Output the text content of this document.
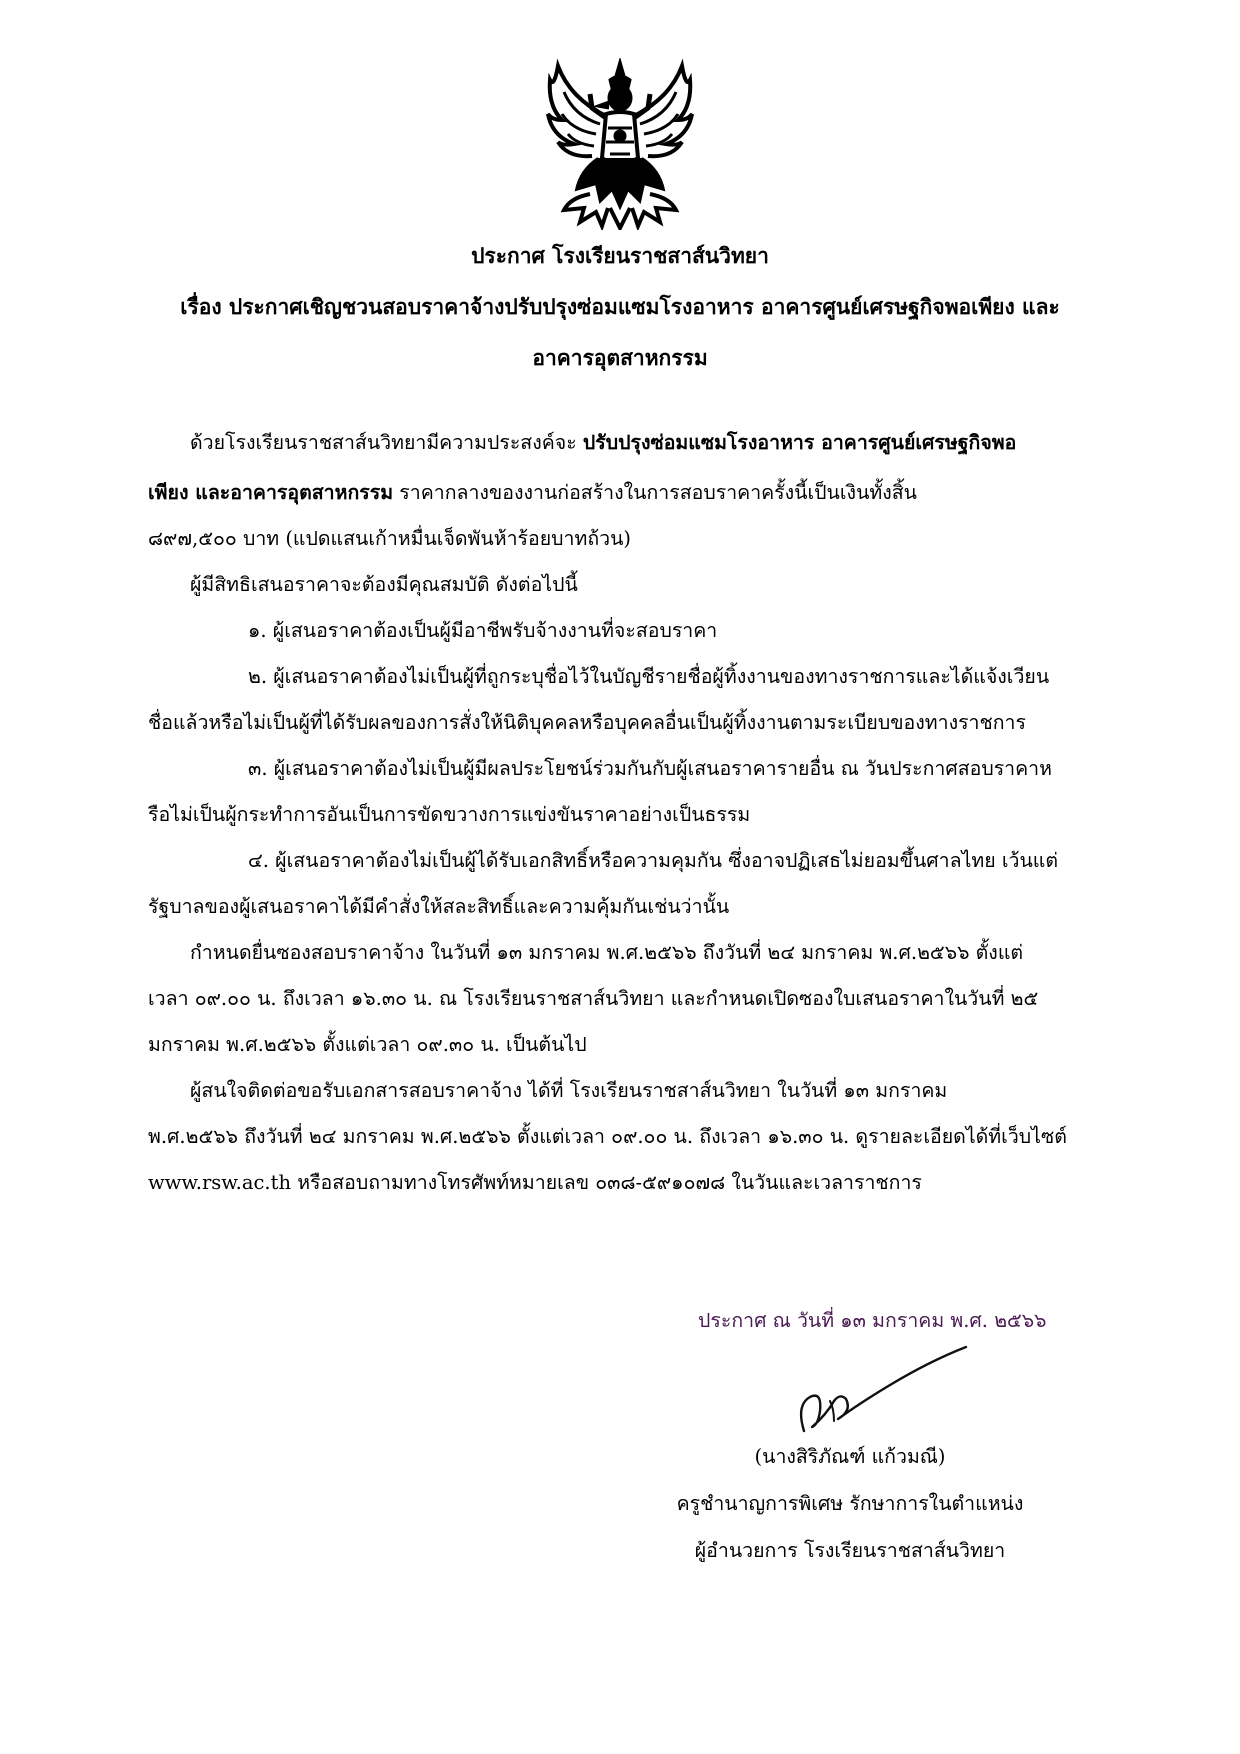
ประกาศ โรงเรียนราชสาส์นวิทยา
เรื่อง ประกาศเชิญชวนสอบราคาจ้างปรับปรุงซ่อมแซมโรงอาหาร อาคารศูนย์เศรษฐกิจพอเพียง และ
อาคารอุตสาหกรรม
ด้วยโรงเรียนราชสาส์นวิทยามีความประสงค์จะ ปรับปรุงซ่อมแซมโรงอาหาร อาคารศูนย์เศรษฐกิจพอ
เพียง และอาคารอุตสาหกรรม ราคากลางของงานก่อสร้างในการสอบราคาครั้งนี้เป็นเงินทั้งสิ้น
๘๙๗,๕๐๐ บาท (แปดแสนเก้าหมื่นเจ็ดพันห้าร้อยบาทถ้วน)
ผู้มีสิทธิเสนอราคาจะต้องมีคุณสมบัติ ดังต่อไปนี้
๑. ผู้เสนอราคาต้องเป็นผู้มีอาชีพรับจ้างงานที่จะสอบราคา
๒. ผู้เสนอราคาต้องไม่เป็นผู้ที่ถูกระบุชื่อไว้ในบัญชีรายชื่อผู้ทิ้งงานของทางราชการและได้แจ้งเวียน
ชื่อแล้วหรือไม่เป็นผู้ที่ได้รับผลของการสั่งให้นิติบุคคลหรือบุคคลอื่นเป็นผู้ทิ้งงานตามระเบียบของทางราชการ
๓. ผู้เสนอราคาต้องไม่เป็นผู้มีผลประโยชน์ร่วมกันกับผู้เสนอราคารายอื่น ณ วันประกาศสอบราคาห
รือไม่เป็นผู้กระทำการอันเป็นการขัดขวางการแข่งขันราคาอย่างเป็นธรรม
๔. ผู้เสนอราคาต้องไม่เป็นผู้ได้รับเอกสิทธิ์หรือความคุมกัน ซึ่งอาจปฏิเสธไม่ยอมขึ้นศาลไทย เว้นแต่
รัฐบาลของผู้เสนอราคาได้มีคำสั่งให้สละสิทธิ์และความคุ้มกันเช่นว่านั้น
กำหนดยื่นซองสอบราคาจ้าง ในวันที่ ๑๓ มกราคม พ.ศ.๒๕๖๖ ถึงวันที่ ๒๔ มกราคม พ.ศ.๒๕๖๖ ตั้งแต่
เวลา ๐๙.๐๐ น. ถึงเวลา ๑๖.๓๐ น. ณ โรงเรียนราชสาส์นวิทยา และกำหนดเปิดซองใบเสนอราคาในวันที่ ๒๕
มกราคม พ.ศ.๒๕๖๖ ตั้งแต่เวลา ๐๙.๓๐ น. เป็นต้นไป
ผู้สนใจติดต่อขอรับเอกสารสอบราคาจ้าง ได้ที่ โรงเรียนราชสาส์นวิทยา ในวันที่ ๑๓ มกราคม
พ.ศ.๒๕๖๖ ถึงวันที่ ๒๔ มกราคม พ.ศ.๒๕๖๖ ตั้งแต่เวลา ๐๙.๐๐ น. ถึงเวลา ๑๖.๓๐ น. ดูรายละเอียดได้ที่เว็บไซต์
www.rsw.ac.th หรือสอบถามทางโทรศัพท์หมายเลข ๐๓๘-๕๙๑๐๗๘ ในวันและเวลาราชการ
ประกาศ ณ วันที่ ๑๓ มกราคม พ.ศ. ๒๕๖๖
(นางสิริภัณฑ์ แก้วมณี)
ครูชำนาญการพิเศษ รักษาการในตำแหน่ง
ผู้อำนวยการ โรงเรียนราชสาส์นวิทยา
